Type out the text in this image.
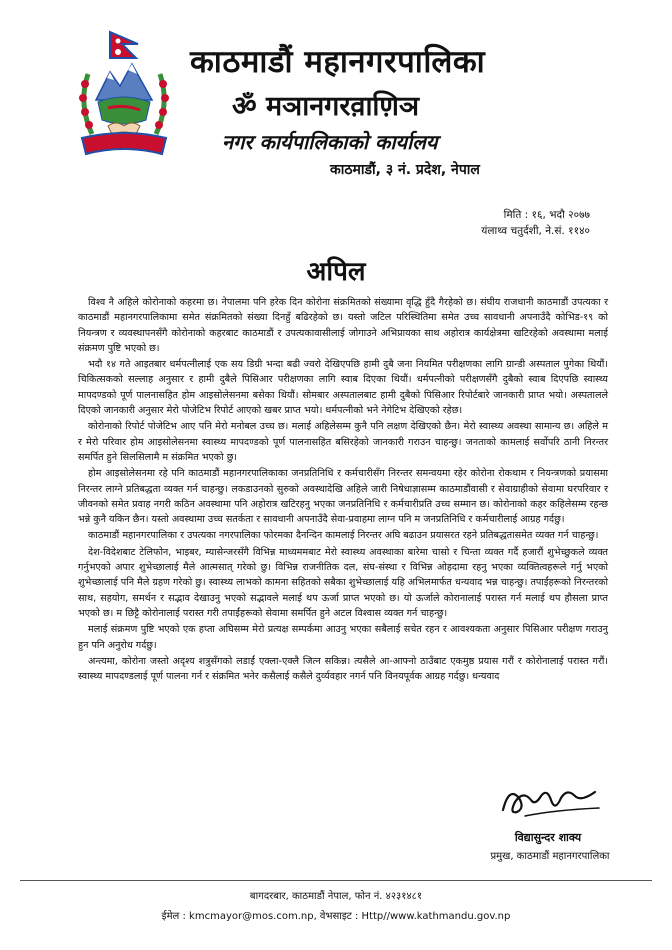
काठमाडौं महानगरपालिका
ॐ मञानगरव़ाण़िञ
नगर कार्यपालिकाको कार्यालय
काठमाडौं, ३ नं. प्रदेश, नेपाल
मिति : १६, भदौ २०७७
यंलाथ्व चतुर्दशी, ने.सं. ११४०
अपिल

विश्व नै अहिले कोरोनाको कहरमा छ। नेपालमा पनि हरेक दिन कोरोना संक्रमितको संख्यामा वृद्धि हुँदै गैरहेको छ। संघीय राजधानी काठमाडौं उपत्यका र काठमाडौं महानगरपालिकामा समेत संक्रमितको संख्या दिनहुँ बढिरहेको छ। यस्तो जटिल परिस्थितिमा समेत उच्च सावधानी अपनाउँदै कोभिड-१९ को नियन्त्रण र व्यवस्थापनसँगै कोरोनाको कहरबाट काठमाडौं र उपत्यकावासीलाई जोगाउने अभिप्रायका साथ अहोरात्र कार्यक्षेत्रमा खटिरहेको अवस्थामा मलाई संक्रमण पुष्टि भएको छ।

भदौ १४ गते आइतबार धर्मपत्नीलाई एक सय डिग्री भन्दा बढी ज्वरो देखिएपछि हामी दुबै जना नियमित परीक्षणका लागि ग्रान्डी अस्पताल पुगेका थियौं। चिकित्सकको सल्लाह अनुसार र हामी दुबैले पिसिआर परीक्षणका लागि स्वाब दिएका थियौं। धर्मपत्नीको परीक्षणसँगै दुबैको स्वाब दिएपछि स्वास्थ्य मापदण्डको पूर्ण पालनासहित होम आइसोलेसनमा बसेका थियौं। सोमबार अस्पतालबाट हामी दुबैको पिसिआर रिपोर्टबारे जानकारी प्राप्त भयो। अस्पतालले दिएको जानकारी अनुसार मेरो पोजेटिभ रिपोर्ट आएको खबर प्राप्त भयो। धर्मपत्नीको भने नेगेटिभ देखिएको रहेछ।

कोरोनाको रिपोर्ट पोजेटिभ आए पनि मेरो मनोबल उच्च छ। मलाई अहिलेसम्म कुनै पनि लक्षण देखिएको छैन। मेरो स्वास्थ्य अवस्था सामान्य छ। अहिले म र मेरो परिवार होम आइसोलेसनमा स्वास्थ्य मापदण्डको पूर्ण पालनासहित बसिरहेको जानकारी गराउन चाहन्छु। जनताको कामलाई सर्वोपरि ठानी निरन्तर समर्पित हुने सिलसिलामै म संक्रमित भएको छु।

होम आइसोलेसनमा रहे पनि काठमाडौं महानगरपालिकाका जनप्रतिनिधि र कर्मचारीसँग निरन्तर समन्वयमा रहेर कोरोना रोकथाम र नियन्त्रणको प्रयासमा निरन्तर लाग्ने प्रतिबद्धता व्यक्त गर्न चाहन्छु। लकडाउनको सुरुको अवस्थादेखि अहिले जारी निषेधाज्ञासम्म काठमाडौंवासी र सेवाग्राहीको सेवामा घरपरिवार र जीवनको समेत प्रवाह नगरी कठिन अवस्थामा पनि अहोरात्र खटिरहनु भएका जनप्रतिनिधि र कर्मचारीप्रति उच्च सम्मान छ। कोरोनाको कहर कहिलेसम्म रहन्छ भन्ने कुनै यकिन छैन। यस्तो अवस्थामा उच्च सतर्कता र सावधानी अपनाउँदै सेवा-प्रवाहमा लाग्न पनि म जनप्रतिनिधि र कर्मचारीलाई आग्रह गर्दछु।

काठमाडौं महानगरपालिका र उपत्यका नगरपालिका फोरमका दैनन्दिन कामलाई निरन्तर अघि बढाउन प्रयासरत रहने प्रतिबद्धतासमेत व्यक्त गर्न चाहन्छु।

देश-विदेशबाट टेलिफोन, भाइबर, म्यासेन्जरसँगै विभिन्न माध्यममबाट मेरो स्वास्थ्य अवस्थाका बारेमा चासो र चिन्ता व्यक्त गर्दै हजारौं शुभेच्छुकले व्यक्त गर्नुभएको अपार शुभेच्छालाई मैले आत्मसात् गरेको छु। विभिन्न राजनीतिक दल, संघ-संस्था र विभिन्न ओहदामा रहनु भएका व्यक्तित्वहरूले गर्नु भएको शुभेच्छालाई पनि मैले ग्रहण गरेको छु। स्वास्थ्य लाभको कामना सहितको सबैका शुभेच्छालाई यहि अभिलमार्फत धन्यवाद भन्न चाहन्छु। तपाईंहरूको निरन्तरको साथ, सहयोग, समर्थन र सद्भाव देखाउनु भएको सद्भावले मलाई थप ऊर्जा प्राप्त भएको छ। यो ऊर्जाले कोरानालाई परास्त गर्न मलाई थप हौसला प्राप्त भएको छ। म छिट्टै कोरोनालाई परास्त गरी तपाईंहरूको सेवामा समर्पित हुने अटल विश्वास व्यक्त गर्न चाहन्छु।

मलाई संक्रमण पुष्टि भएको एक हप्ता अघिसम्म मेरो प्रत्यक्ष सम्पर्कमा आउनु भएका सबैलाई सचेत रहन र आवश्यकता अनुसार पिसिआर परीक्षण गराउनु हुन पनि अनुरोध गर्दछु।

अन्त्यमा, कोरोना जस्तो अदृश्य शत्रुसँगको लडाईं एक्ला-एक्लै जित्न सकिन्न। त्यसैले आ-आफ्नो ठाउँबाट एकमुष्ठ प्रयास गरौं र कोरोनालाई परास्त गरौं। स्वास्थ्य मापदण्डलाई पूर्ण पालना गर्न र संक्रमित भनेर कसैलाई कसैले दुर्व्यवहार नगर्न पनि विनयपूर्वक आग्रह गर्दछु। धन्यवाद

विद्यासुन्दर शाक्य
प्रमुख, काठमाडौं महानगरपालिका
बागदरबार, काठमाडौं नेपाल, फोन नं. ४२३१४८१
ईमेल : kmcmayor@mos.com.np, वेभसाइट : Http//www.kathmandu.gov.np
